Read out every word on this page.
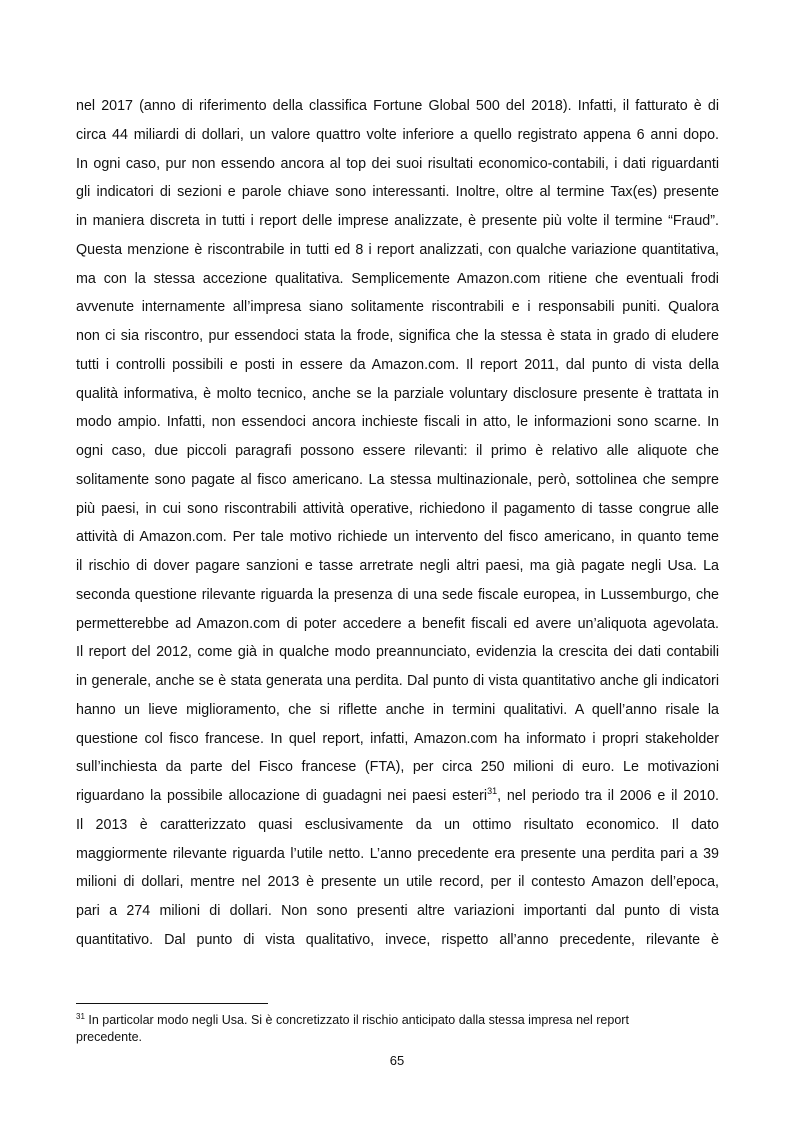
nel 2017 (anno di riferimento della classifica Fortune Global 500 del 2018). Infatti, il fatturato è di
circa 44 miliardi di dollari, un valore quattro volte inferiore a quello registrato appena 6 anni dopo.
In ogni caso, pur non essendo ancora al top dei suoi risultati economico-contabili, i dati riguardanti
gli indicatori di sezioni e parole chiave sono interessanti. Inoltre, oltre al termine Tax(es) presente
in maniera discreta in tutti i report delle imprese analizzate, è presente più volte il termine “Fraud”.
Questa menzione è riscontrabile in tutti ed 8 i report analizzati, con qualche variazione quantitativa,
ma con la stessa accezione qualitativa. Semplicemente Amazon.com ritiene che eventuali frodi
avvenute internamente all’impresa siano solitamente riscontrabili e i responsabili puniti. Qualora
non ci sia riscontro, pur essendoci stata la frode, significa che la stessa è stata in grado di eludere
tutti i controlli possibili e posti in essere da Amazon.com. Il report 2011, dal punto di vista della
qualità informativa, è molto tecnico, anche se la parziale voluntary disclosure presente è trattata in
modo ampio. Infatti, non essendoci ancora inchieste fiscali in atto, le informazioni sono scarne. In
ogni caso, due piccoli paragrafi possono essere rilevanti: il primo è relativo alle aliquote che
solitamente sono pagate al fisco americano. La stessa multinazionale, però, sottolinea che sempre
più paesi, in cui sono riscontrabili attività operative, richiedono il pagamento di tasse congrue alle
attività di Amazon.com. Per tale motivo richiede un intervento del fisco americano, in quanto teme
il rischio di dover pagare sanzioni e tasse arretrate negli altri paesi, ma già pagate negli Usa. La
seconda questione rilevante riguarda la presenza di una sede fiscale europea, in Lussemburgo, che
permetterebbe ad Amazon.com di poter accedere a benefit fiscali ed avere un’aliquota agevolata.
Il report del 2012, come già in qualche modo preannunciato, evidenzia la crescita dei dati contabili
in generale, anche se è stata generata una perdita. Dal punto di vista quantitativo anche gli indicatori
hanno un lieve miglioramento, che si riflette anche in termini qualitativi. A quell’anno risale la
questione col fisco francese. In quel report, infatti, Amazon.com ha informato i propri stakeholder
sull’inchiesta da parte del Fisco francese (FTA), per circa 250 milioni di euro. Le motivazioni
riguardano la possibile allocazione di guadagni nei paesi esteri$^{31}$, nel periodo tra il 2006 e il 2010.
Il 2013 è caratterizzato quasi esclusivamente da un ottimo risultato economico. Il dato
maggiormente rilevante riguarda l’utile netto. L’anno precedente era presente una perdita pari a 39
milioni di dollari, mentre nel 2013 è presente un utile record, per il contesto Amazon dell’epoca,
pari a 274 milioni di dollari. Non sono presenti altre variazioni importanti dal punto di vista
quantitativo. Dal punto di vista qualitativo, invece, rispetto all’anno precedente, rilevante è

$^{31}$ In particolar modo negli Usa. Si è concretizzato il rischio anticipato dalla stessa impresa nel report precedente.

65
